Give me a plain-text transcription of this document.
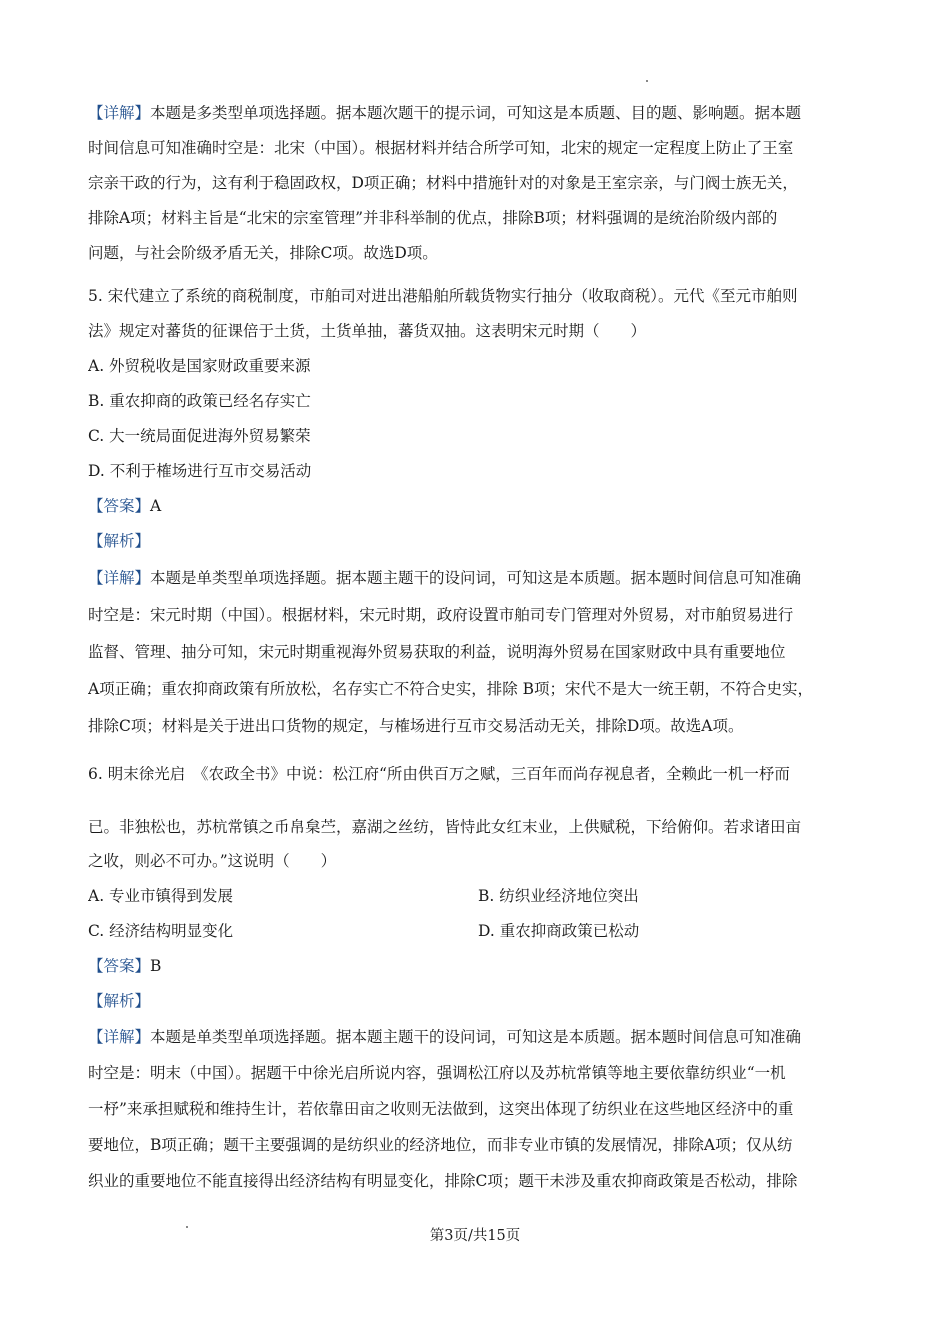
【详解】本题是多类型单项选择题。据本题次题干的提示词，可知这是本质题、目的题、影响题。据本题
时间信息可知准确时空是：北宋（中国）。根据材料并结合所学可知，北宋的规定一定程度上防止了王室
宗亲干政的行为，这有利于稳固政权，D项正确；材料中措施针对的对象是王室宗亲，与门阀士族无关，
排除A项；材料主旨是“北宋的宗室管理”并非科举制的优点，排除B项；材料强调的是统治阶级内部的
问题，与社会阶级矛盾无关，排除C项。故选D项。
5. 宋代建立了系统的商税制度，市舶司对进出港船舶所载货物实行抽分（收取商税）。元代《至元市舶则
法》规定对蕃货的征课倍于土货，土货单抽，蕃货双抽。这表明宋元时期（　　）
A. 外贸税收是国家财政重要来源
B. 重农抑商的政策已经名存实亡
C. 大一统局面促进海外贸易繁荣
D. 不利于榷场进行互市交易活动
【答案】A
【解析】
【详解】本题是单类型单项选择题。据本题主题干的设问词，可知这是本质题。据本题时间信息可知准确
时空是：宋元时期（中国）。根据材料，宋元时期，政府设置市舶司专门管理对外贸易，对市舶贸易进行
监督、管理、抽分可知，宋元时期重视海外贸易获取的利益，说明海外贸易在国家财政中具有重要地位
A项正确；重农抑商政策有所放松，名存实亡不符合史实，排除 B项；宋代不是大一统王朝，不符合史实，
排除C项；材料是关于进出口货物的规定，与榷场进行互市交易活动无关，排除D项。故选A项。
6. 明末徐光启　《农政全书》中说：松江府“所由供百万之赋，三百年而尚存视息者，全赖此一机一杼而
已。非独松也，苏杭常镇之币帛枲苎，嘉湖之丝纺，皆恃此女红末业，上供赋税，下给俯仰。若求诸田亩
之收，则必不可办。”这说明（　　）
A. 专业市镇得到发展	B. 纺织业经济地位突出
C. 经济结构明显变化	D. 重农抑商政策已松动
【答案】B
【解析】
【详解】本题是单类型单项选择题。据本题主题干的设问词，可知这是本质题。据本题时间信息可知准确
时空是：明末（中国）。据题干中徐光启所说内容，强调松江府以及苏杭常镇等地主要依靠纺织业“一机
一杼”来承担赋税和维持生计，若依靠田亩之收则无法做到，这突出体现了纺织业在这些地区经济中的重
要地位，B项正确；题干主要强调的是纺织业的经济地位，而非专业市镇的发展情况，排除A项；仅从纺
织业的重要地位不能直接得出经济结构有明显变化，排除C项；题干未涉及重农抑商政策是否松动，排除
第3页/共15页
